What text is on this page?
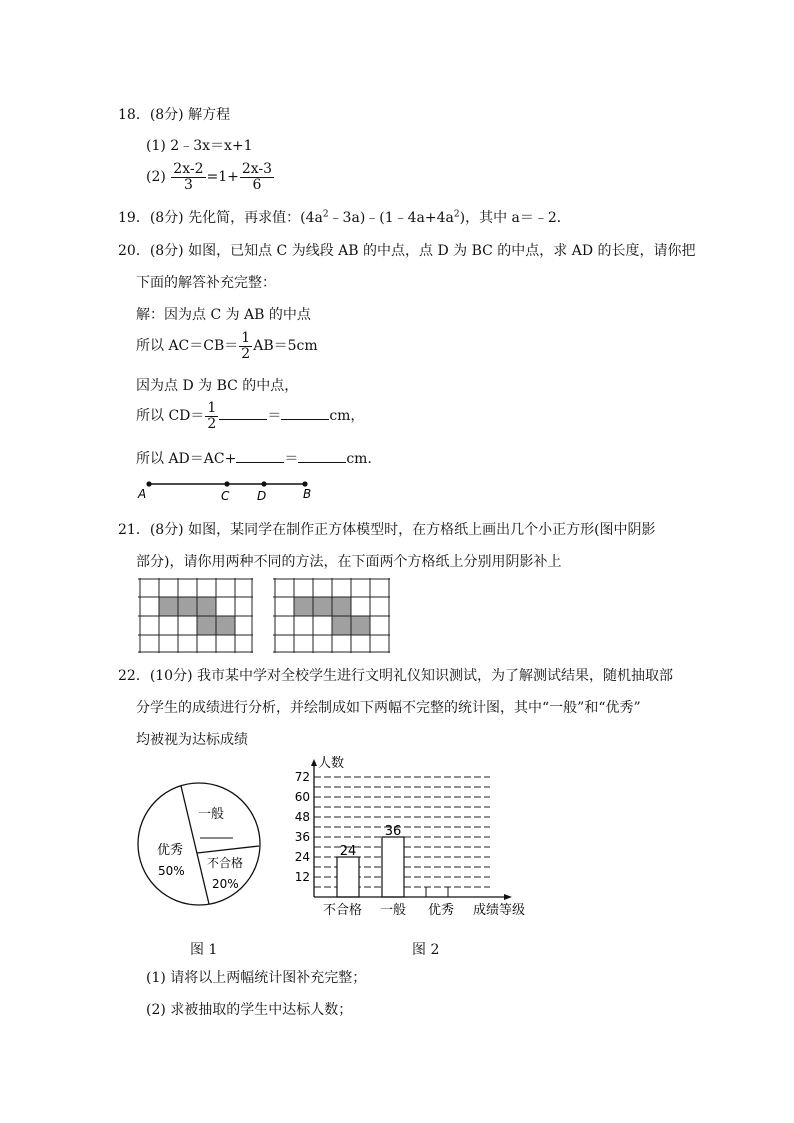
18．(8分) 解方程
(1) 2﹣3x＝x+1
$(2) \frac{2x-2}{3} =1+ \frac{2x-3}{6}$
19．(8分) 先化简，再求值：$(4a^2﹣3a)﹣(1﹣4a+4a^2)$，其中 a＝﹣2．
20．(8分) 如图，已知点 C 为线段 AB 的中点，点 D 为 BC 的中点，求 AD 的长度，请你把
下面的解答补充完整：
解：因为点 C 为 AB 的中点
所以 $AC=CB= \frac{1}{2} AB=5cm$
因为点 D 为 BC 的中点，
所以 $CD= \frac{1}{2}$	＝	cm，
所以 AD＝AC+	＝	cm．
A	C D	B
21．(8分) 如图，某同学在制作正方体模型时，在方格纸上画出几个小正方形(图中阴影
部分)，请你用两种不同的方法，在下面两个方格纸上分别用阴影补上
22．(10分) 我市某中学对全校学生进行文明礼仪知识测试，为了解测试结果，随机抽取部
分学生的成绩进行分析，并绘制成如下两幅不完整的统计图，其中“一般”和“优秀”
均被视为达标成绩
一般
优秀
50%
不合格
20%	12
24
36
48
60
72
24
36
人数
成绩等级
不合格 一般 优秀
图 1	图 2
(1) 请将以上两幅统计图补充完整；
(2) 求被抽取的学生中达标人数；
